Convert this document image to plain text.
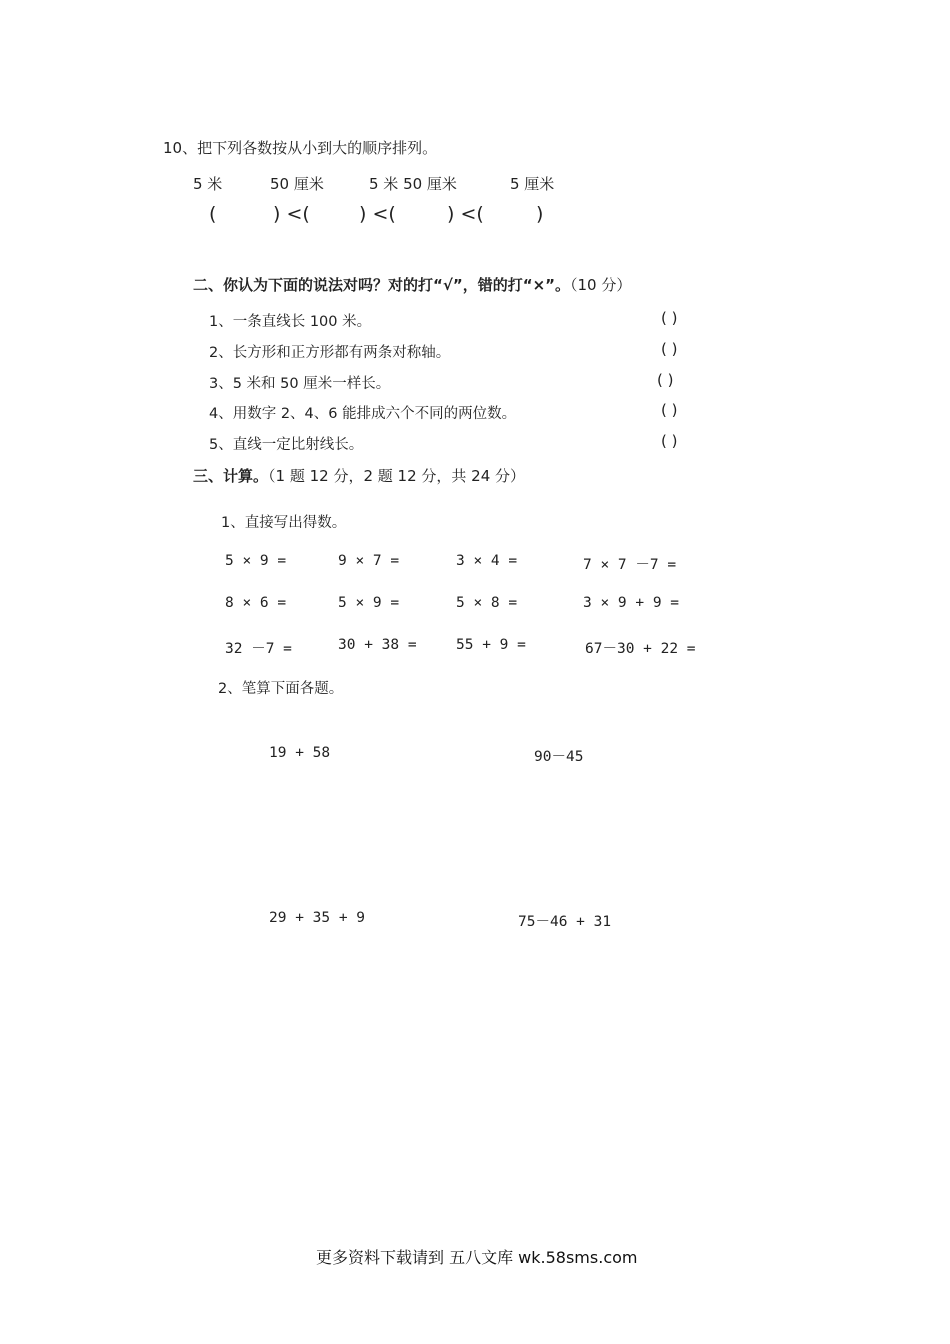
10、把下列各数按从小到大的顺序排列。
5 米	50 厘米	5 米 50 厘米	5 厘米
(	) <(	) <(	) <(	)
二、你认为下面的说法对吗？对的打“√”，错的打“×”。（10 分）
1、一条直线长 100 米。	( )
2、长方形和正方形都有两条对称轴。	( )
3、5 米和 50 厘米一样长。	( )
4、用数字 2、4、6 能排成六个不同的两位数。	( )
5、直线一定比射线长。	( )
三、计算。（1 题 12 分，2 题 12 分，共 24 分）
1、直接写出得数。
5 × 9 =	9 × 7 =	3 × 4 =	7 × 7 －7 =
8 × 6 =	5 × 9 =	5 × 8 =	3 × 9 + 9 =
32 －7 =	30 + 38 =	55 + 9 =	67－30 + 22 =
2、笔算下面各题。
19 + 58	90－45
29 + 35 + 9	75－46 + 31
更多资料下载请到 五八文库 wk.58sms.com
